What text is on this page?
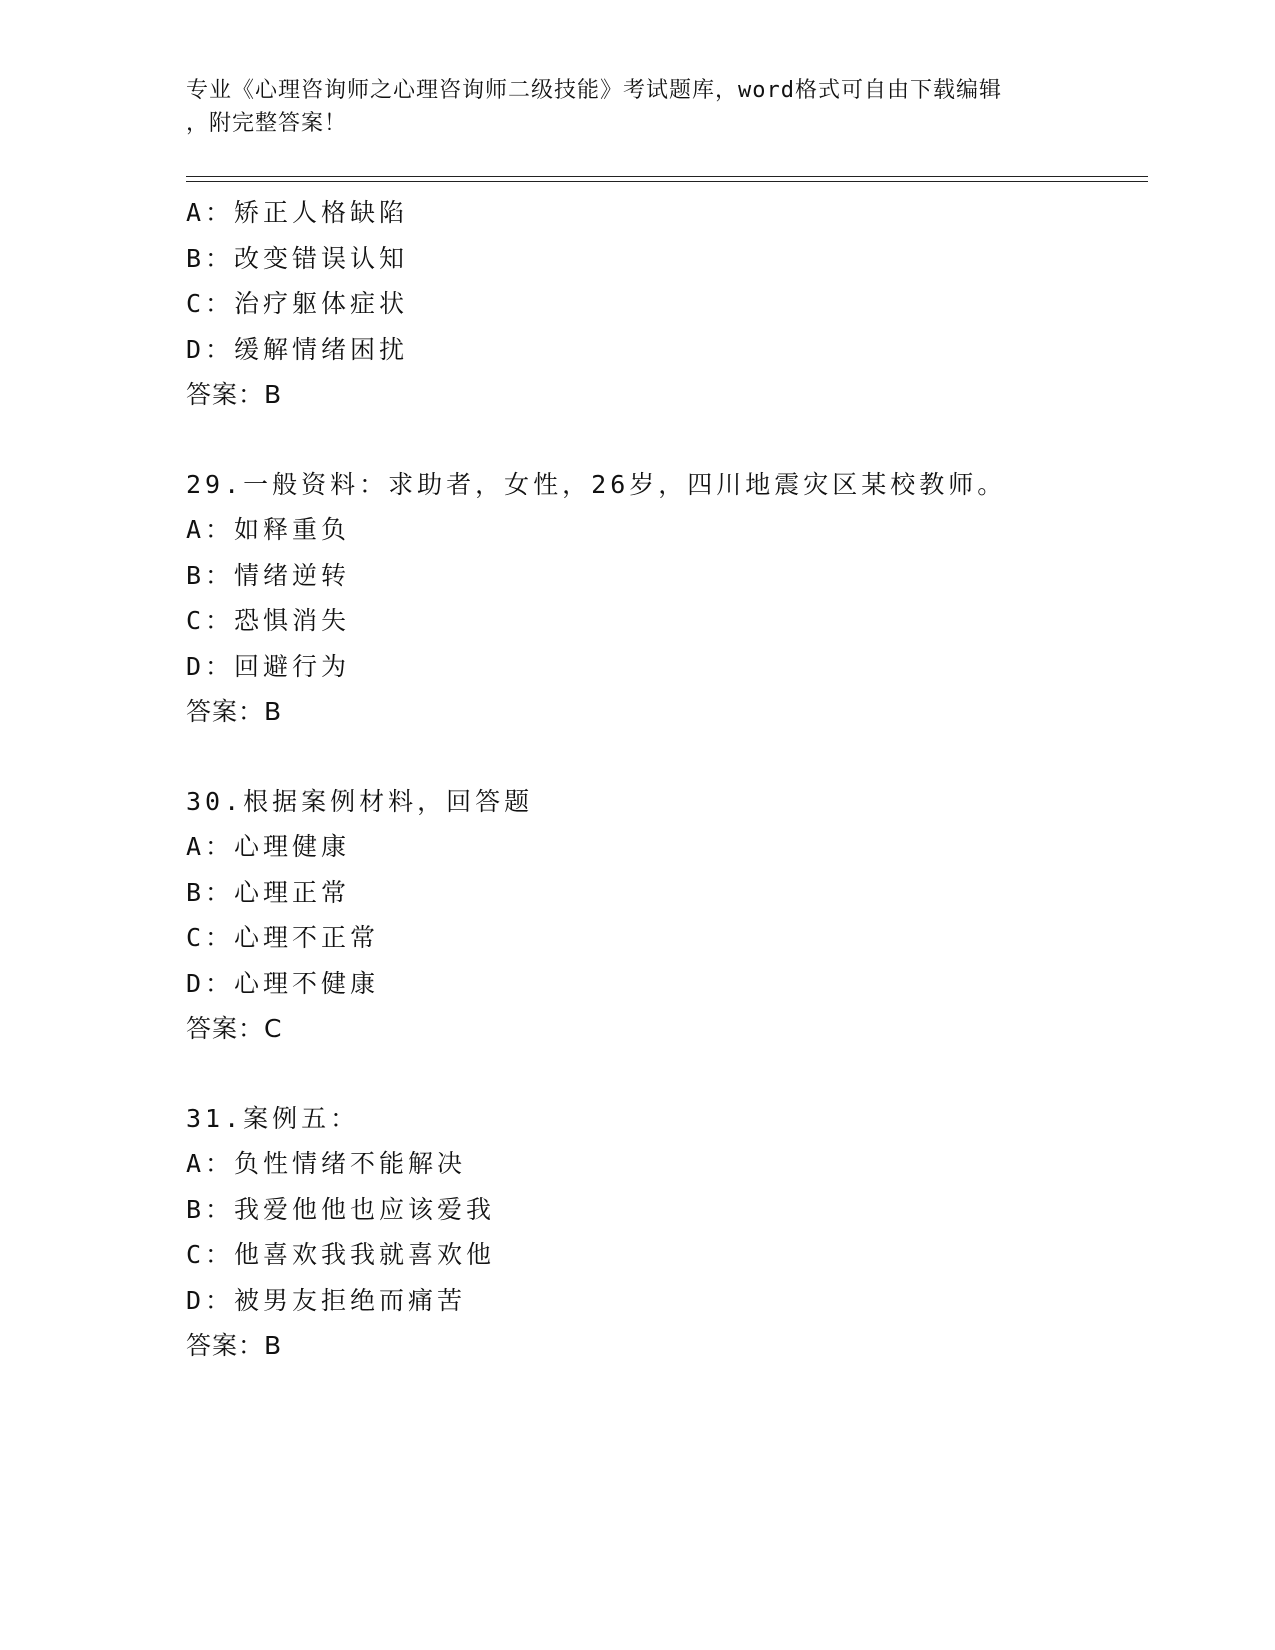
专业《心理咨询师之心理咨询师二级技能》考试题库，word格式可自由下载编辑
，附完整答案！
A：矫正人格缺陷
B：改变错误认知
C：治疗躯体症状
D：缓解情绪困扰
答案：B
29.一般资料：求助者，女性，26岁，四川地震灾区某校教师。
A：如释重负
B：情绪逆转
C：恐惧消失
D：回避行为
答案：B
30.根据案例材料，回答题
A：心理健康
B：心理正常
C：心理不正常
D：心理不健康
答案：C
31.案例五：
A：负性情绪不能解决
B：我爱他他也应该爱我
C：他喜欢我我就喜欢他
D：被男友拒绝而痛苦
答案：B
